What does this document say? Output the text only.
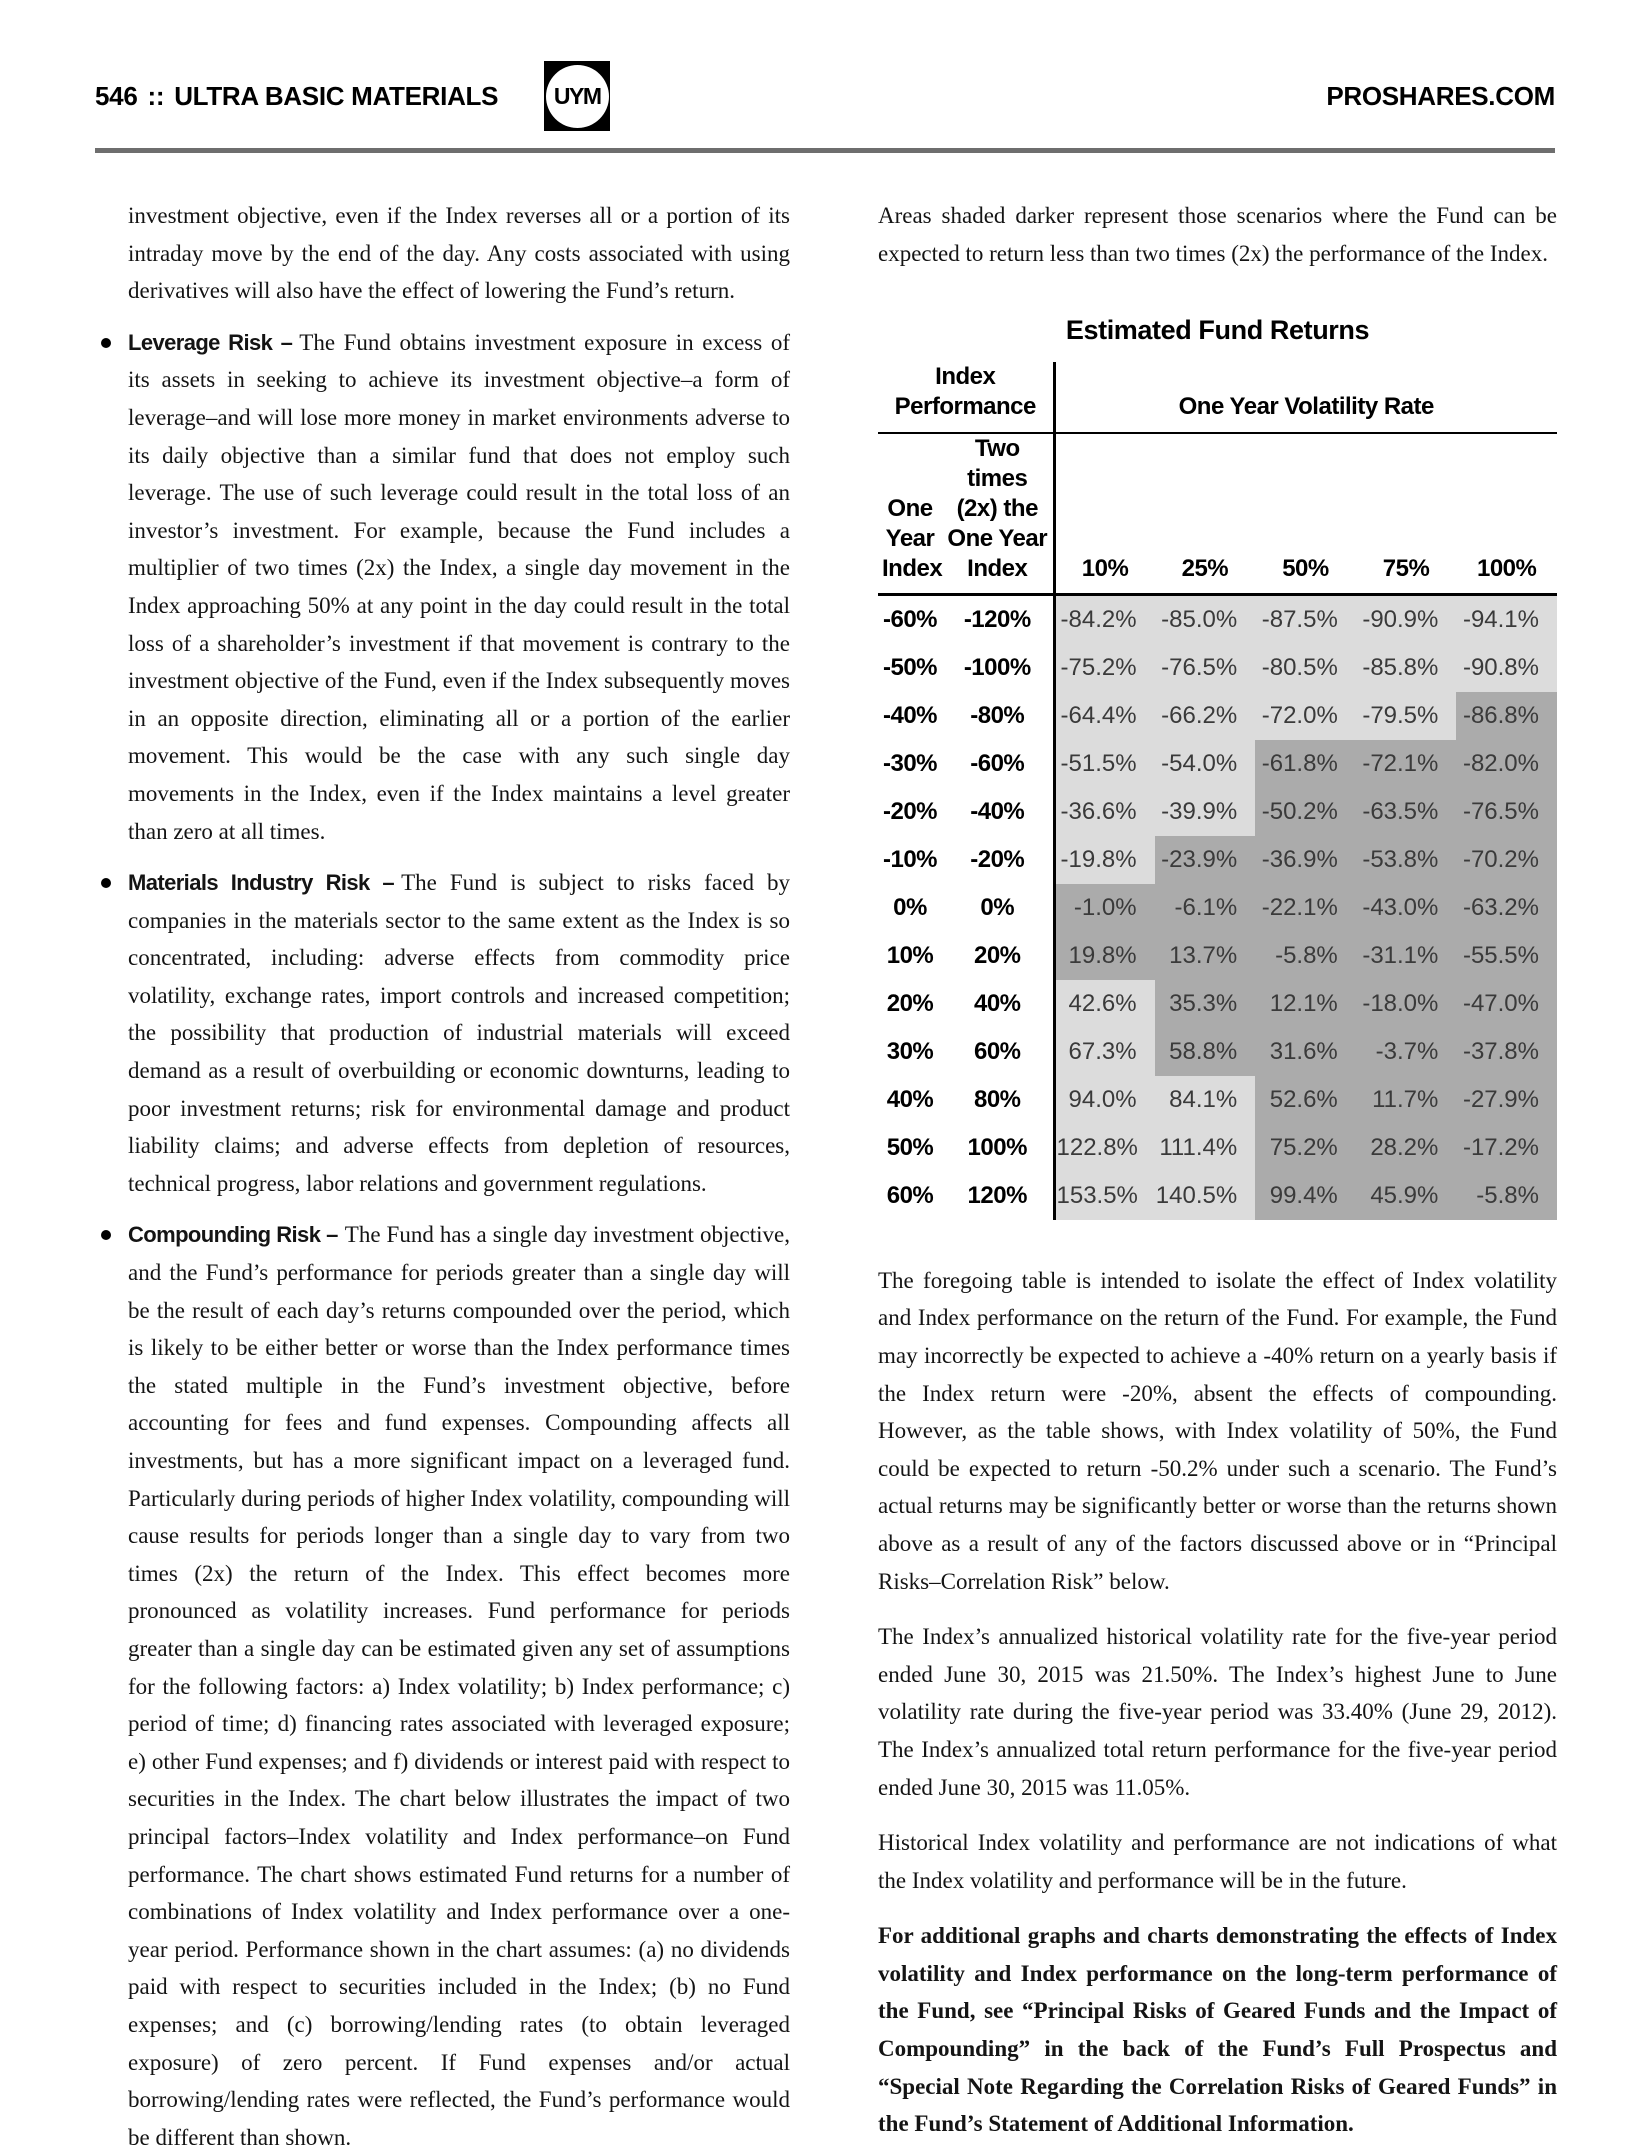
546 :: ULTRA BASIC MATERIALS	UYM	PROSHARES.COM
investment objective, even if the Index reverses all or a portion of its intraday move by the end of the day. Any costs associated with using derivatives will also have the effect of lowering the Fund’s return.
Leverage Risk – The Fund obtains investment exposure in excess of its assets in seeking to achieve its investment objective–a form of leverage–and will lose more money in market environments adverse to its daily objective than a similar fund that does not employ such leverage. The use of such leverage could result in the total loss of an investor’s investment. For example, because the Fund includes a multiplier of two times (2x) the Index, a single day movement in the Index approaching 50% at any point in the day could result in the total loss of a shareholder’s investment if that movement is contrary to the investment objective of the Fund, even if the Index subsequently moves in an opposite direction, eliminating all or a portion of the earlier movement. This would be the case with any such single day movements in the Index, even if the Index maintains a level greater than zero at all times.
Materials Industry Risk – The Fund is subject to risks faced by companies in the materials sector to the same extent as the Index is so concentrated, including: adverse effects from commodity price volatility, exchange rates, import controls and increased competition; the possibility that production of industrial materials will exceed demand as a result of overbuilding or economic downturns, leading to poor investment returns; risk for environmental damage and product liability claims; and adverse effects from depletion of resources, technical progress, labor relations and government regulations.
Compounding Risk – The Fund has a single day investment objective, and the Fund’s performance for periods greater than a single day will be the result of each day’s returns compounded over the period, which is likely to be either better or worse than the Index performance times the stated multiple in the Fund’s investment objective, before accounting for fees and fund expenses. Compounding affects all investments, but has a more significant impact on a leveraged fund. Particularly during periods of higher Index volatility, compounding will cause results for periods longer than a single day to vary from two times (2x) the return of the Index. This effect becomes more pronounced as volatility increases. Fund performance for periods greater than a single day can be estimated given any set of assumptions for the following factors: a) Index volatility; b) Index performance; c) period of time; d) financing rates associated with leveraged exposure; e) other Fund expenses; and f) dividends or interest paid with respect to securities in the Index. The chart below illustrates the impact of two principal factors–Index volatility and Index performance–on Fund performance. The chart shows estimated Fund returns for a number of combinations of Index volatility and Index performance over a one-year period. Performance shown in the chart assumes: (a) no dividends paid with respect to securities included in the Index; (b) no Fund expenses; and (c) borrowing/lending rates (to obtain leveraged exposure) of zero percent. If Fund expenses and/or actual borrowing/lending rates were reflected, the Fund’s performance would be different than shown.
Areas shaded darker represent those scenarios where the Fund can be expected to return less than two times (2x) the performance of the Index.
Estimated Fund Returns
Index Performance		One Year Volatility Rate				
One Year Index	Two times (2x) the One Year Index	10%	25%	50%	75%	100%
-60%	-120%	-84.2%	-85.0%	-87.5%	-90.9%	-94.1%
-50%	-100%	-75.2%	-76.5%	-80.5%	-85.8%	-90.8%
-40%	-80%	-64.4%	-66.2%	-72.0%	-79.5%	-86.8%
-30%	-60%	-51.5%	-54.0%	-61.8%	-72.1%	-82.0%
-20%	-40%	-36.6%	-39.9%	-50.2%	-63.5%	-76.5%
-10%	-20%	-19.8%	-23.9%	-36.9%	-53.8%	-70.2%
0%	0%	-1.0%	-6.1%	-22.1%	-43.0%	-63.2%
10%	20%	19.8%	13.7%	-5.8%	-31.1%	-55.5%
20%	40%	42.6%	35.3%	12.1%	-18.0%	-47.0%
30%	60%	67.3%	58.8%	31.6%	-3.7%	-37.8%
40%	80%	94.0%	84.1%	52.6%	11.7%	-27.9%
50%	100%	122.8%	111.4%	75.2%	28.2%	-17.2%
60%	120%	153.5%	140.5%	99.4%	45.9%	-5.8%
The foregoing table is intended to isolate the effect of Index volatility and Index performance on the return of the Fund. For example, the Fund may incorrectly be expected to achieve a -40% return on a yearly basis if the Index return were -20%, absent the effects of compounding. However, as the table shows, with Index volatility of 50%, the Fund could be expected to return -50.2% under such a scenario. The Fund’s actual returns may be significantly better or worse than the returns shown above as a result of any of the factors discussed above or in “Principal Risks–Correlation Risk” below.
The Index’s annualized historical volatility rate for the five-year period ended June 30, 2015 was 21.50%. The Index’s highest June to June volatility rate during the five-year period was 33.40% (June 29, 2012). The Index’s annualized total return performance for the five-year period ended June 30, 2015 was 11.05%.
Historical Index volatility and performance are not indications of what the Index volatility and performance will be in the future.
For additional graphs and charts demonstrating the effects of Index volatility and Index performance on the long-term performance of the Fund, see “Principal Risks of Geared Funds and the Impact of Compounding” in the back of the Fund’s Full Prospectus and “Special Note Regarding the Correlation Risks of Geared Funds” in the Fund’s Statement of Additional Information.
